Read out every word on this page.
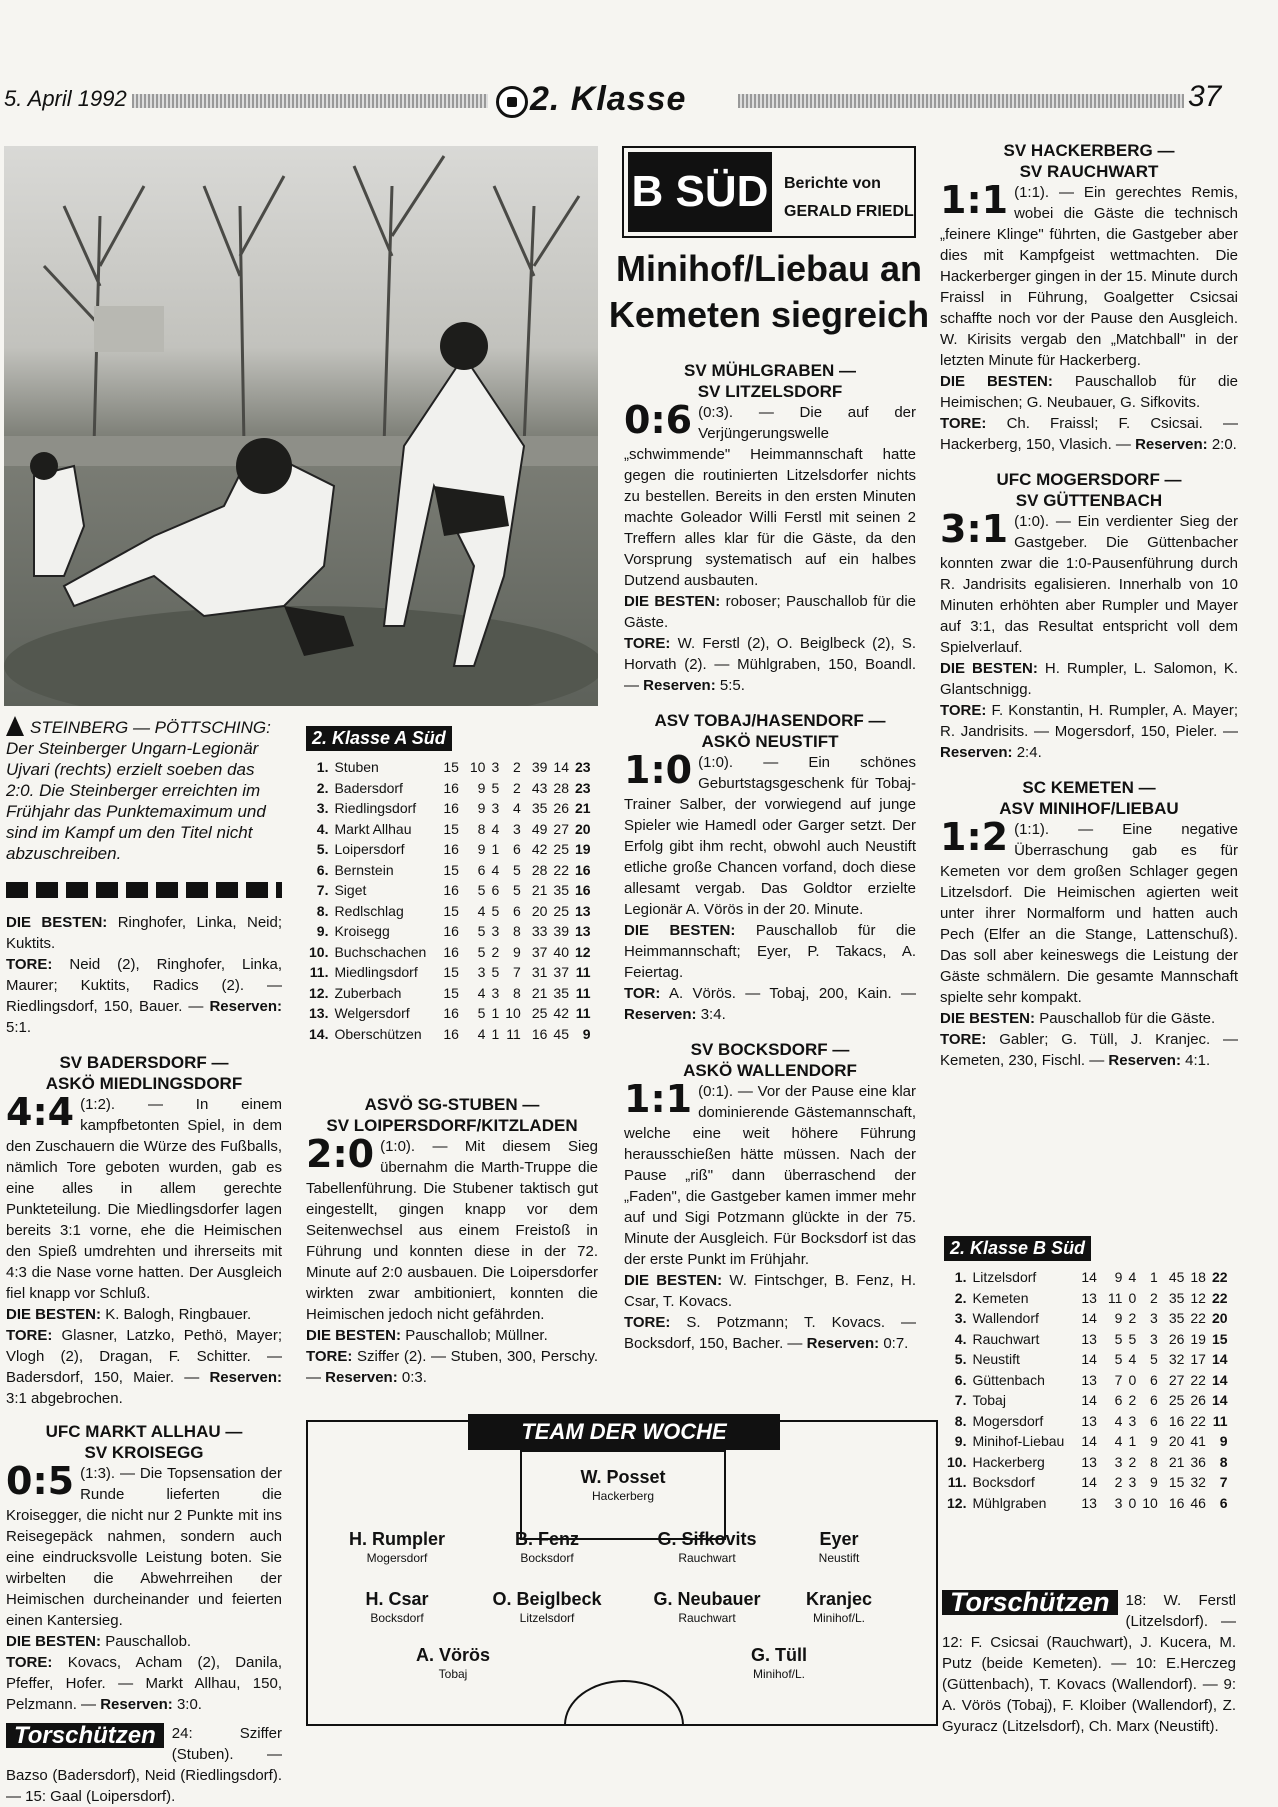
5. April 1992	2. Klasse	37
STEINBERG — PÖTTSCHING: Der Steinberger Ungarn-Legionär Ujvari (rechts) erzielt soeben das 2:0. Die Steinberger erreichten im Frühjahr das Punktemaximum und sind im Kampf um den Titel nicht abzuschreiben.
DIE BESTEN: Ringhofer, Linka, Neid; Kuktits.
TORE: Neid (2), Ringhofer, Linka, Maurer; Kuktits, Radics (2). — Riedlingsdorf, 150, Bauer. — Reserven: 5:1.
SV BADERSDORF —
ASKÖ MIEDLINGSDORF
4:4 (1:2). — In einem kampfbetonten Spiel, in dem den Zuschauern die Würze des Fußballs, nämlich Tore geboten wurden, gab es eine alles in allem gerechte Punkteteilung. Die Miedlingsdorfer lagen bereits 3:1 vorne, ehe die Heimischen den Spieß umdrehten und ihrerseits mit 4:3 die Nase vorne hatten. Der Ausgleich fiel knapp vor Schluß.
DIE BESTEN: K. Balogh, Ringbauer.
TORE: Glasner, Latzko, Pethö, Mayer; Vlogh (2), Dragan, F. Schitter. — Badersdorf, 150, Maier. — Reserven: 3:1 abgebrochen.
UFC MARKT ALLHAU —
SV KROISEGG
0:5 (1:3). — Die Topsensation der Runde lieferten die Kroisegger, die nicht nur 2 Punkte mit ins Reisegepäck nahmen, sondern auch eine eindrucksvolle Leistung boten. Sie wirbelten die Abwehrreihen der Heimischen durcheinander und feierten einen Kantersieg.
DIE BESTEN: Pauschallob.
TORE: Kovacs, Acham (2), Danila, Pfeffer, Hofer. — Markt Allhau, 150, Pelzmann. — Reserven: 3:0.
Torschützen	24: Sziffer (Stuben). — Bazso (Badersdorf), Neid (Riedlingsdorf). — 15: Gaal (Loipersdorf).
2. Klasse A Süd
1.	Stuben	15	10	3	2	39	14	23
2.	Badersdorf	16	9	5	2	43	28	23
3.	Riedlingsdorf	16	9	3	4	35	26	21
4.	Markt Allhau	15	8	4	3	49	27	20
5.	Loipersdorf	16	9	1	6	42	25	19
6.	Bernstein	15	6	4	5	28	22	16
7.	Siget	16	5	6	5	21	35	16
8.	Redlschlag	15	4	5	6	20	25	13
9.	Kroisegg	16	5	3	8	33	39	13
10.	Buchschachen	16	5	2	9	37	40	12
11.	Miedlingsdorf	15	3	5	7	31	37	11
12.	Zuberbach	15	4	3	8	21	35	11
13.	Welgersdorf	16	5	1	10	25	42	11
14.	Oberschützen	16	4	1	11	16	45	9
ASVÖ SG-STUBEN —
SV LOIPERSDORF/KITZLADEN
2:0 (1:0). — Mit diesem Sieg übernahm die Marth-Truppe die Tabellenführung. Die Stubener taktisch gut eingestellt, gingen knapp vor dem Seitenwechsel aus einem Freistoß in Führung und konnten diese in der 72. Minute auf 2:0 ausbauen. Die Loipersdorfer wirkten zwar ambitioniert, konnten die Heimischen jedoch nicht gefährden.
DIE BESTEN: Pauschallob; Müllner.
TORE: Sziffer (2). — Stuben, 300, Perschy. — Reserven: 0:3.
B SÜD Berichte von
GERALD FRIEDL
Minihof/Liebau an Kemeten siegreich
SV MÜHLGRABEN —
SV LITZELSDORF
0:6 (0:3). — Die auf der Verjüngerungswelle „schwimmende" Heimmannschaft hatte gegen die routinierten Litzelsdorfer nichts zu bestellen. Bereits in den ersten Minuten machte Goleador Willi Ferstl mit seinen 2 Treffern alles klar für die Gäste, da den Vorsprung systematisch auf ein halbes Dutzend ausbauten.
DIE BESTEN: roboser; Pauschallob für die Gäste.
TORE: W. Ferstl (2), O. Beiglbeck (2), S. Horvath (2). — Mühlgraben, 150, Boandl. — Reserven: 5:5.
ASV TOBAJ/HASENDORF —
ASKÖ NEUSTIFT
1:0 (1:0). — Ein schönes Geburtstagsgeschenk für Tobaj-Trainer Salber, der vorwiegend auf junge Spieler wie Hamedl oder Garger setzt. Der Erfolg gibt ihm recht, obwohl auch Neustift etliche große Chancen vorfand, doch diese allesamt vergab. Das Goldtor erzielte Legionär A. Vörös in der 20. Minute.
DIE BESTEN: Pauschallob für die Heimmannschaft; Eyer, P. Takacs, A. Feiertag.
TOR: A. Vörös. — Tobaj, 200, Kain. — Reserven: 3:4.
SV BOCKSDORF —
ASKÖ WALLENDORF
1:1 (0:1). — Vor der Pause eine klar dominierende Gästemannschaft, welche eine weit höhere Führung herausschießen hätte müssen. Nach der Pause „riß" dann überraschend der „Faden", die Gastgeber kamen immer mehr auf und Sigi Potzmann glückte in der 75. Minute der Ausgleich. Für Bocksdorf ist das der erste Punkt im Frühjahr.
DIE BESTEN: W. Fintschger, B. Fenz, H. Csar, T. Kovacs.
TORE: S. Potzmann; T. Kovacs. — Bocksdorf, 150, Bacher. — Reserven: 0:7.
SV HACKERBERG —
SV RAUCHWART
1:1 (1:1). — Ein gerechtes Remis, wobei die Gäste die technisch „feinere Klinge" führten, die Gastgeber aber dies mit Kampfgeist wettmachten. Die Hackerberger gingen in der 15. Minute durch Fraissl in Führung, Goalgetter Csicsai schaffte noch vor der Pause den Ausgleich. W. Kirisits vergab den „Matchball" in der letzten Minute für Hackerberg.
DIE BESTEN: Pauschallob für die Heimischen; G. Neubauer, G. Sifkovits.
TORE: Ch. Fraissl; F. Csicsai. — Hackerberg, 150, Vlasich. — Reserven: 2:0.
UFC MOGERSDORF —
SV GÜTTENBACH
3:1 (1:0). — Ein verdienter Sieg der Gastgeber. Die Güttenbacher konnten zwar die 1:0-Pausenführung durch R. Jandrisits egalisieren. Innerhalb von 10 Minuten erhöhten aber Rumpler und Mayer auf 3:1, das Resultat entspricht voll dem Spielverlauf.
DIE BESTEN: H. Rumpler, L. Salomon, K. Glantschnigg.
TORE: F. Konstantin, H. Rumpler, A. Mayer; R. Jandrisits. — Mogersdorf, 150, Pieler. — Reserven: 2:4.
SC KEMETEN —
ASV MINIHOF/LIEBAU
1:2 (1:1). — Eine negative Überraschung gab es für Kemeten vor dem großen Schlager gegen Litzelsdorf. Die Heimischen agierten weit unter ihrer Normalform und hatten auch Pech (Elfer an die Stange, Lattenschuß). Das soll aber keineswegs die Leistung der Gäste schmälern. Die gesamte Mannschaft spielte sehr kompakt.
DIE BESTEN: Pauschallob für die Gäste.
TORE: Gabler; G. Tüll, J. Kranjec. — Kemeten, 230, Fischl. — Reserven: 4:1.
2. Klasse B Süd
1.	Litzelsdorf	14	9	4	1	45	18	22
2.	Kemeten	13	11	0	2	35	12	22
3.	Wallendorf	14	9	2	3	35	22	20
4.	Rauchwart	13	5	5	3	26	19	15
5.	Neustift	14	5	4	5	32	17	14
6.	Güttenbach	13	7	0	6	27	22	14
7.	Tobaj	14	6	2	6	25	26	14
8.	Mogersdorf	13	4	3	6	16	22	11
9.	Minihof-Liebau	14	4	1	9	20	41	9
10.	Hackerberg	13	3	2	8	21	36	8
11.	Bocksdorf	14	2	3	9	15	32	7
12.	Mühlgraben	13	3	0	10	16	46	6
Torschützen	18: W. Ferstl (Litzelsdorf). — 12: F. Csicsai (Rauchwart), J. Kucera, M. Putz (beide Kemeten). — 10: E.Herczeg (Güttenbach), T. Kovacs (Wallendorf). — 9: A. Vörös (Tobaj), F. Kloiber (Wallendorf), Z. Gyuracz (Litzelsdorf), Ch. Marx (Neustift).
TEAM DER WOCHE
W. Posset
Hackerberg
H. Rumpler
Mogersdorf
B. Fenz
Bocksdorf
G. Sifkovits
Rauchwart
Eyer
Neustift
H. Csar
Bocksdorf
O. Beiglbeck
Litzelsdorf
G. Neubauer
Rauchwart
Kranjec
Minihof/L.
A. Vörös
Tobaj
G. Tüll
Minihof/L.
